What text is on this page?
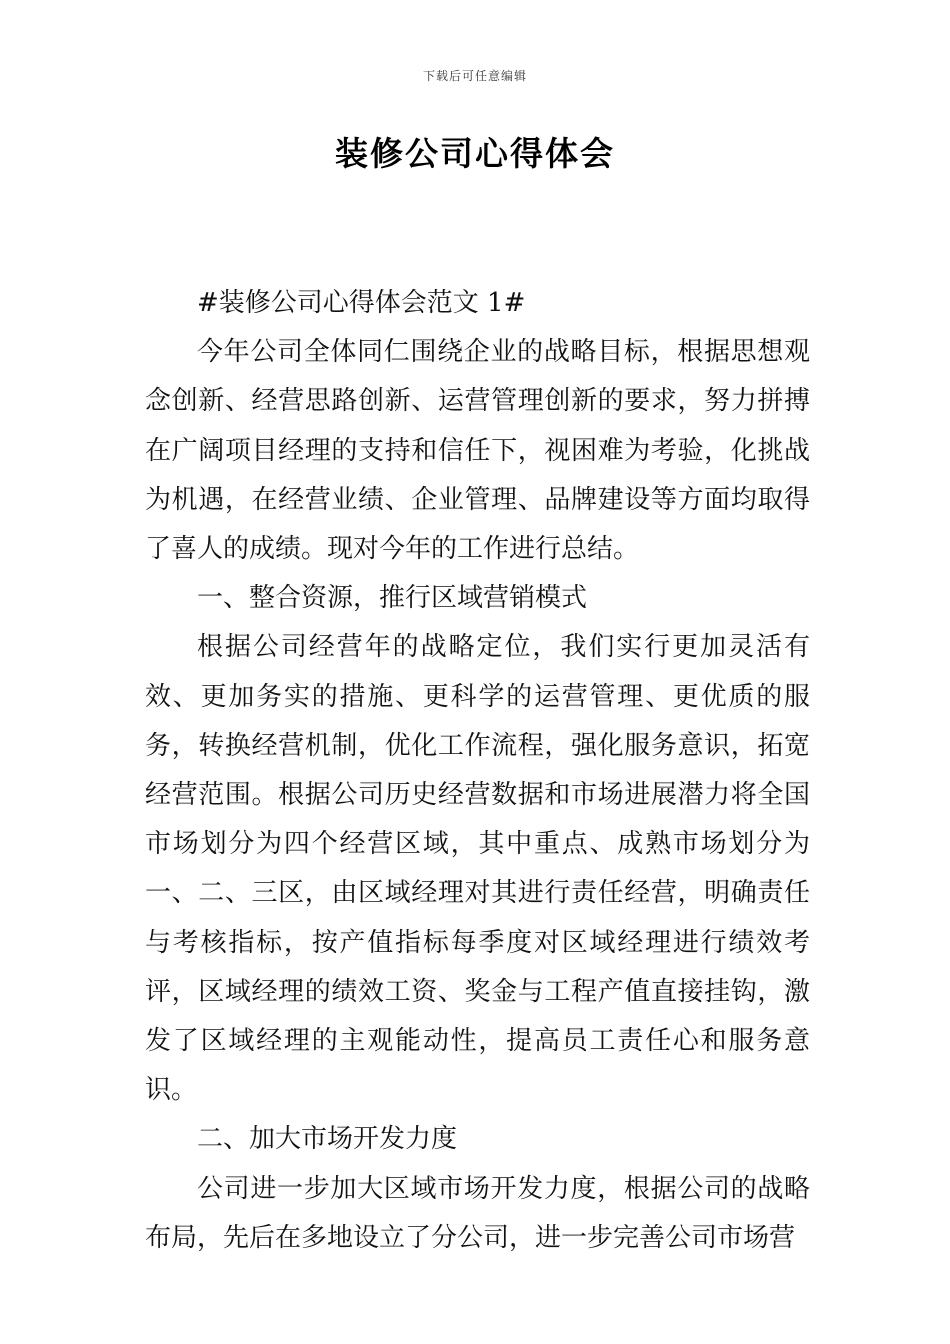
下载后可任意编辑
装修公司心得体会

#装修公司心得体会范文 1#

今年公司全体同仁围绕企业的战略目标，根据思想观念创新、经营思路创新、运营管理创新的要求，努力拼搏在广阔项目经理的支持和信任下，视困难为考验，化挑战为机遇，在经营业绩、企业管理、品牌建设等方面均取得了喜人的成绩。现对今年的工作进行总结。

一、整合资源，推行区域营销模式

根据公司经营年的战略定位，我们实行更加灵活有效、更加务实的措施、更科学的运营管理、更优质的服务，转换经营机制，优化工作流程，强化服务意识，拓宽经营范围。根据公司历史经营数据和市场进展潜力将全国市场划分为四个经营区域，其中重点、成熟市场划分为一、二、三区，由区域经理对其进行责任经营，明确责任与考核指标，按产值指标每季度对区域经理进行绩效考评，区域经理的绩效工资、奖金与工程产值直接挂钩，激发了区域经理的主观能动性，提高员工责任心和服务意识。

二、加大市场开发力度

公司进一步加大区域市场开发力度，根据公司的战略布局，先后在多地设立了分公司，进一步完善公司市场营
